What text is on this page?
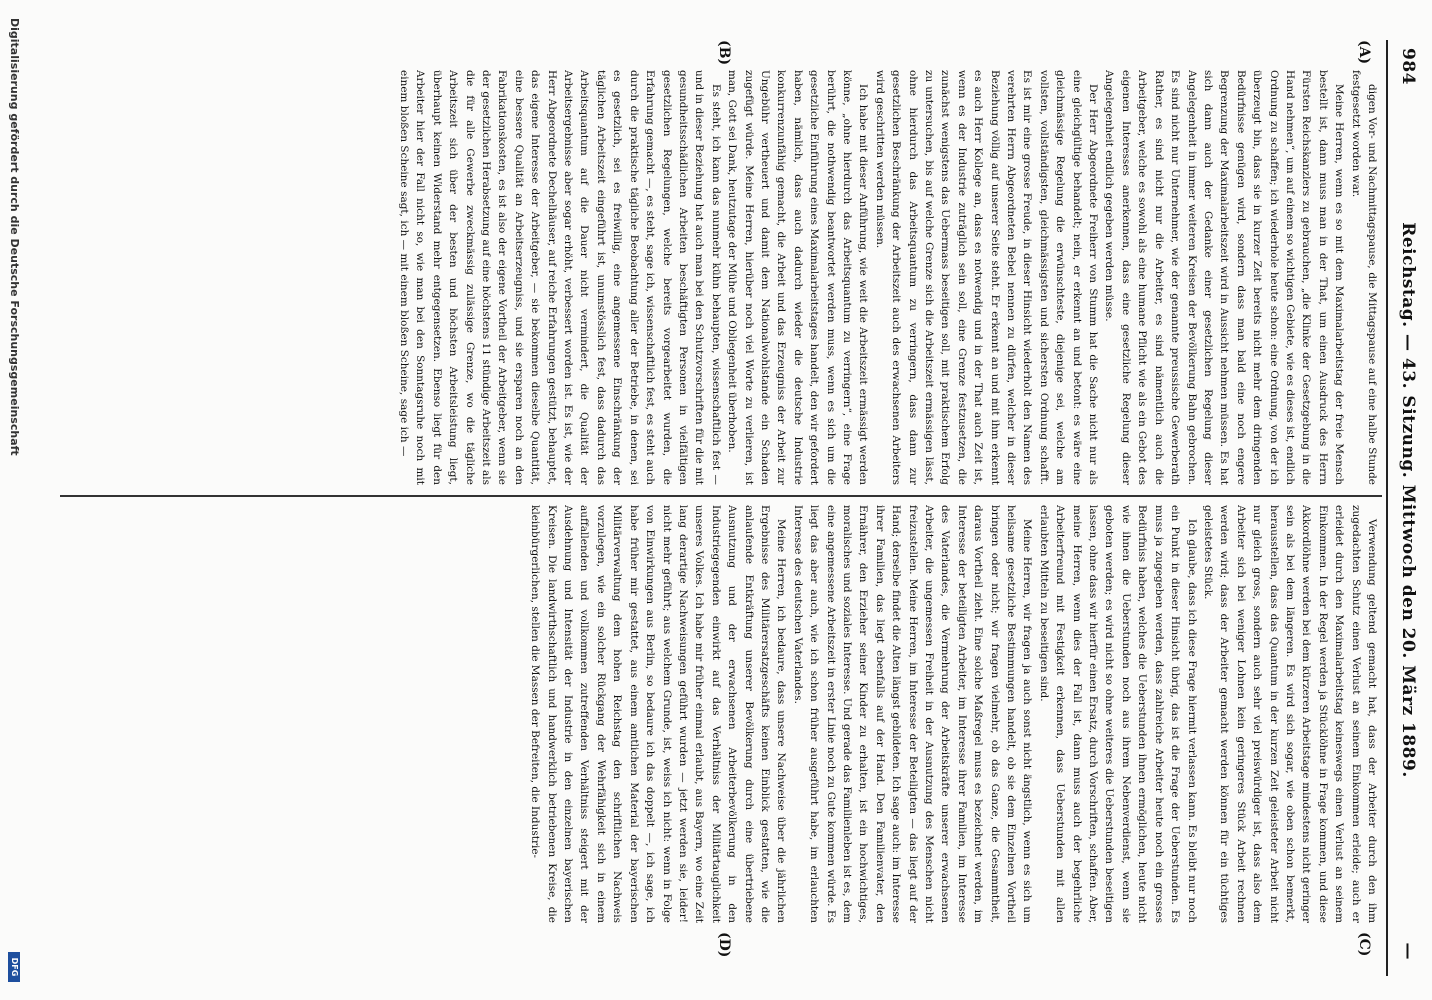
984
Reichstag. — 43. Sitzung. Mittwoch den 20. März 1889.
—
(A)
(B)
(C)
(D)

digen Vor- und Nachmittagspause, die Mittagspause auf eine halbe Stunde festgesetzt worden war.

Meine Herren, wenn es so mit dem Maximalarbeitstag der freie Mensch bestellt ist, dann muss man in der That, um einen Ausdruck des Herrn Fürsten Reichskanzlers zu gebrauchen, „die Klinke der Gesetzgebung in die Hand nehmen“, um auf einem so wichtigen Gebiete, wie es dieses ist, endlich Ordnung zu schaffen; ich wiederhole heute schon: eine Ordnung, von der ich überzeugt bin, dass sie in kurzer Zeit bereits nicht mehr dem dringenden Bedürfnisse genügen wird, sondern dass man bald eine noch engere Begrenzung der Maximalarbeitszeit wird in Aussicht nehmen müssen. Es hat sich dann auch der Gedanke einer gesetzlichen Regelung dieser Angelegenheit in immer weiteren Kreisen der Bevölkerung Bahn gebrochen. Es sind nicht nur Unternehmer, wie der genannte preussische Gewerberath Rather, es sind nicht nur die Arbeiter, es sind nämentlich auch die Arbeitgeber, welche es sowohl als eine humane Pflicht wie als ein Gebot des eigenen Interesses anerkennen, dass eine gesetzliche Regelung dieser Angelegenheit endlich gegeben werden müsse.

Der Herr Abgeordnete Freiherr von Stumm hat die Sache nicht nur als eine gleichgültige behandelt; nein, er erkennt an und betont: es wäre eine gleichmässige Regelung die erwünschteste, diejenige sei, welche am vollsten, vollständigsten, gleichmässigsten und sichersten Ordnung schafft. Es ist mir eine grosse Freude, in dieser Hinsicht wiederholt den Namen des verehrten Herrn Abgeordneten Bebel nennen zu dürfen, welcher in dieser Beziehung völlig auf unserer Seite steht. Er erkennt an und mit ihm erkennt es auch Herr Kollege an, dass es notwendig und in der That auch Zeit ist, wenn es der Industrie zuträglich sein soll, eine Grenze festzusetzen, die zunächst wenigstens das Uebermass beseitigen soll, mit praktischem Erfolg zu untersuchen, bis auf welche Grenze sich die Arbeitszeit ermässigen lässt, ohne hierdurch das Arbeitsquantum zu verringern, dass dann zur gesetzlichen Beschränkung der Arbeitszeit auch des erwachsenen Arbeiters wird geschritten werden müssen.

Ich habe mit dieser Anführung, wie weit die Arbeitszeit ermässigt werden könne, „ohne hierdurch das Arbeitsquantum zu verringern“, eine Frage berührt, die nothwendig beantwortet werden muss, wenn es sich um die gesetzliche Einführung eines Maximalarbeitstages handelt, den wir gefordert haben, nämlich, dass auch dadurch wieder die deutsche Industrie konkurrenzunfähig gemacht, die Arbeit und das Erzeugniss der Arbeit zur Ungebühr vertheuert und damit dem Nationalwohlstande ein Schaden zugefügt würde. Meine Herren, hierüber noch viel Worte zu verlieren, ist man, Gott sei Dank, heutzutage der Mühe und Obliegenheit überhoben.

Es steht, ich kann das nunmehr kühn behaupten, wissenschaftlich fest — und in dieser Beziehung hat auch man bei den Schutzvorschriften für die mit gesundheitsschädlichen Arbeiten beschäftigten Personen in vielfältigen gesetzlichen Regelungen, welche bereits vorgearbeitet wurden, die Erfahrung gemacht —, es steht, sage ich, wissenschaftlich fest, es steht auch durch die praktische tägliche Beobachtung aller der Betriebe, in denen, sei es gesetzlich, sei es freiwillig, eine angemessene Einschränkung der täglichen Arbeitszeit eingeführt ist, unumstösslich fest, dass dadurch das Arbeitsquantum auf die Dauer nicht vermindert, die Qualität der Arbeitsergebnisse aber sogar erhöht, verbessert worden ist. Es ist, wie der Herr Abgeordnete Dechelhäuser, auf reiche Erfahrungen gestützt, behauptet, das eigene Interesse der Arbeitgeber, — sie bekommen dieselbe Quantität, eine bessere Qualität an Arbeitserzeugniss, und sie ersparen noch an den Fabrikationskosten, es ist also der eigene Vortheil der Arbeitgeber, wenn sie der gesetzlichen Herabsetzung auf eine höchstens 11 stündige Arbeitszeit als die für alle Gewerbe zweckmässig zulässige Grenze, wo die tägliche Arbeitszeit sich über der besten und höchsten Arbeitsleistung liegt, überhaupt keinen Widerstand mehr entgegensetzen. Ebenso liegt für den Arbeiter hier der Fall nicht so, wie man bei den Sonntagsruhe noch mit einem bloßen Scheine sagt, ich — mit einem bloßen Scheine, sage ich —

Verwendung geltend gemacht hat, dass der Arbeiter durch den ihm zugedachten Schutz einen Verlust an seinem Einkommen erleide; auch er erleidet durch den Maximalarbeitstag keineswegs einen Verlust an seinem Einkommen. In der Regel werden ja Stücklöhne in Frage kommen, und diese Akkordlöhne werden bei dem kürzeren Arbeitstage mindestens nicht geringer sein als bei dem längeren. Es wird sich sogar, wie oben schon bemerkt, herausstellen, dass das Quantum in der kurzen Zeit geleisteter Arbeit nicht nur gleich gross, sondern auch sehr viel preiswürdiger ist, dass also dem Arbeiter sich bei weniger Lohnen kein geringeres Stück Arbeit rechnen werden wird; dass der Arbeiter gemacht werden können für ein tüchtiges geleistetes Stück.

Ich glaube, dass ich diese Frage hiermit verlassen kann. Es bleibt nur noch ein Punkt in dieser Hinsicht übrig, das ist die Frage der Ueberstunden. Es muss ja zugegeben werden, dass zahlreiche Arbeiter heute noch ein grosses Bedürfniss haben, welches die Ueberstunden ihnen ermöglichen, heute nicht wie ihnen die Ueberstunden noch aus ihrem Nebenverdienst, wenn sie geboten werden; es wird nicht so ohne weiteres die Ueberstunden beseitigen lassen, ohne dass wir hierfür einen Ersatz, durch Vorschriften, schaffen. Aber, meine Herren, wenn dies der Fall ist, dann muss auch der begehrliche Arbeiterfreund mit Festigkeit erkennen, dass Ueberstunden mit allen erlaubten Mitteln zu beseitigen sind.

Meine Herren, wir fragen ja auch sonst nicht ängstlich, wenn es sich um heilsame gesetzliche Bestimmungen handelt, ob sie dem Einzelnen Vortheil bringen oder nicht; wir fragen vielmehr, ob das Ganze, die Gesammtheit, daraus Vortheil zieht. Eine solche Maßregel muss es bezeichnet werden, im Interesse der beteiligten Arbeiter, im Interesse ihrer Familien, im Interesse des Vaterlandes, die Vermehrung der Arbeitskräfte unserer erwachsenen Arbeiter, die ungemessen Freiheit in der Ausnutzung des Menschen nicht freizustellen. Meine Herren, im Interesse der Beteiligten — das liegt auf der Hand; derselbe findet die Alten längst gebildeten. Ich sage auch: im Interesse ihrer Familien, das liegt ebenfalls auf der Hand. Den Familienvater, den Ernährer, den Erzieher seiner Kinder zu erhalten, ist ein hochwichtiges, moralisches und soziales Interesse. Und gerade das Familienleben ist es, dem eine angemessene Arbeitszeit in erster Linie noch zu Gute kommen würde. Es liegt das aber auch, wie ich schon früher ausgeführt habe, im erlauchten Interesse des deutschen Vaterlandes.

Meine Herren, ich bedaure, dass unsere Nachweise über die jährlichen Ergebnisse des Militärersatzgeschäfts keinen Einblick gestatten, wie die anlaufende Entkräftung unserer Bevölkerung durch eine übertriebene Ausnutzung und der erwachsenen Arbeiterbevölkerung in den Industriegegenden einwirkt auf das Verhältniss der Militärtauglichkeit unseres Volkes. Ich habe mir früher einmal erlaubt, aus Bayern, wo eine Zeit lang derartige Nachweisungen geführt wurden — jetzt werden sie, leider! nicht mehr geführt; aus welchem Grunde, ist, weiss ich nicht: wenn in Folge von Einwirkungen aus Berlin, so bedaure ich das doppelt —, ich sage, ich habe früher mir gestattet, aus einem amtlichen Material der bayerischen Militärverwaltung dem hohen Reichstag den schriftlichen Nachweis vorzulegen, wie ein solcher Rückgang der Wehrfähigkeit sich in einem auffallenden und vollkommen zutreffenden Verhältniss steigert mit der Ausdehnung und Intensität der Industrie in den einzelnen bayerischen Kreisen. Die landwirthschaftlich und handwerklich betriebenen Kreise, die kleinbürgerlichen, stellen die Massen der Befreiten, die Industrie-

Digitalisierung gefördert durch die Deutsche Forschungsgemeinschaft
DFG
